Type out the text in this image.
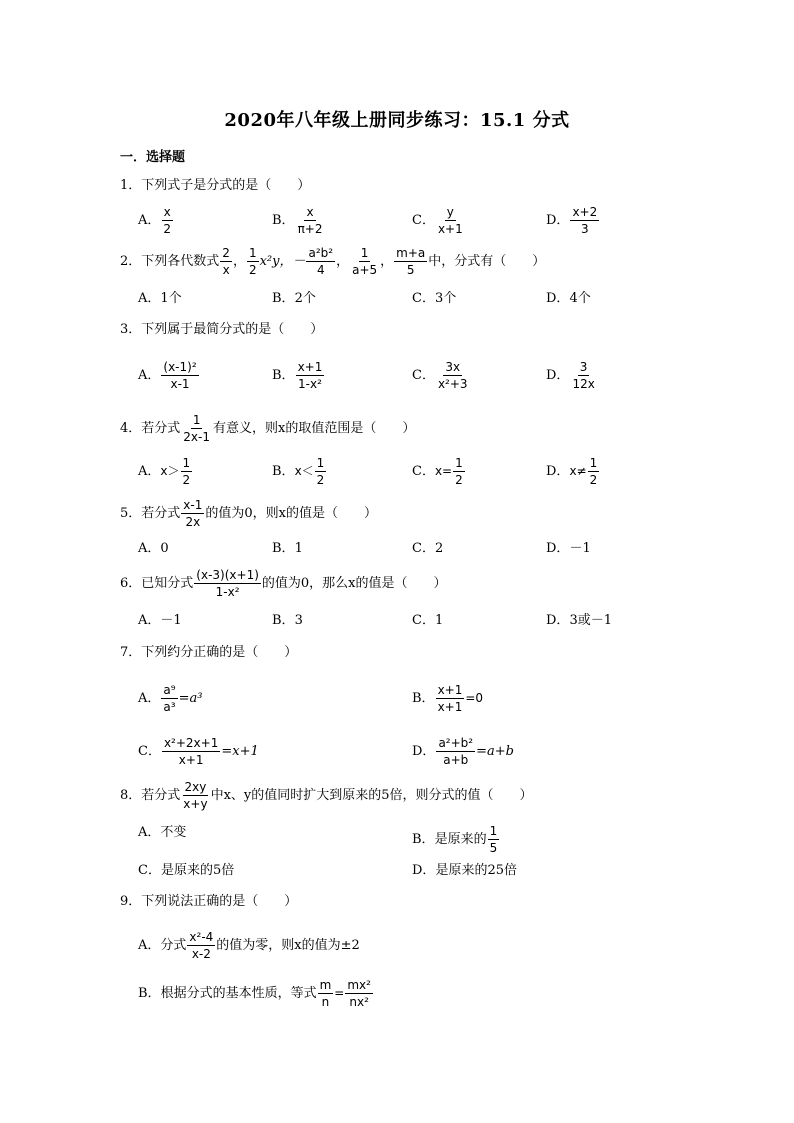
2020年八年级上册同步练习：15.1 分式
一．选择题
1．下列式子是分式的是（　　）
A． $\frac{x}{2}$	B． $\frac{x}{\pi+2}$	C． $\frac{y}{x+1}$	D． $\frac{x+2}{3}$
2．下列各代数式 $\frac{2}{x}$ ， $\frac{1}{2} x^2y$，－ $\frac{\text{a²b²}}{4}$ ， $\frac{1}{a+5}$ ， $\frac{m+a}{5}$ 中，分式有（　　）
A．1个	B．2个	C．3个	D．4个
3．下列属于最简分式的是（　　）
A． $\frac{\text{(x-1)²}}{x-1}$	B． $\frac{x+1}{\text{1-x²}}$	C． $\frac{3x}{\text{x²+3}}$	D． $\frac{3}{12x}$
4．若分式 $\frac{1}{2x-1}$ 有意义，则x的取值范围是（　　）
A．$x> \frac{1}{2}$	B．$x< \frac{1}{2}$	C．$x= \frac{1}{2}$	D．$x\ne \frac{1}{2}$
5．若分式 $\frac{x-1}{2x}$ 的值为0，则x的值是（　　）
A．0	B．1	C．2	D．－1
6．已知分式 $\frac{(x-3)(x+1)}{\text{1-x²}}$ 的值为0，那么x的值是（　　）
A．－1	B．3	C．1	D．3或－1
7．下列约分正确的是（　　）
A． $\frac{\text{a⁹}}{\text{a³}} =a^3$	B． $\frac{x+1}{x+1} =0$
C． $\frac{\text{x²+2x+1}}{x+1} =x+1$	D． $\frac{\text{a²+b²}}{a+b} =a+b$
8．若分式 $\frac{2xy}{x+y}$ 中x、y的值同时扩大到原来的5倍，则分式的值（　　）
A．不变	B．是原来的 $\frac{1}{5}$
C．是原来的5倍	D．是原来的25倍
9．下列说法正确的是（　　）
A．分式 $\frac{\text{x²-4}}{x-2}$ 的值为零，则x的值为±2
B．根据分式的基本性质，等式 $\frac{m}{n} = \frac{\text{mx²}}{\text{nx²}}$
